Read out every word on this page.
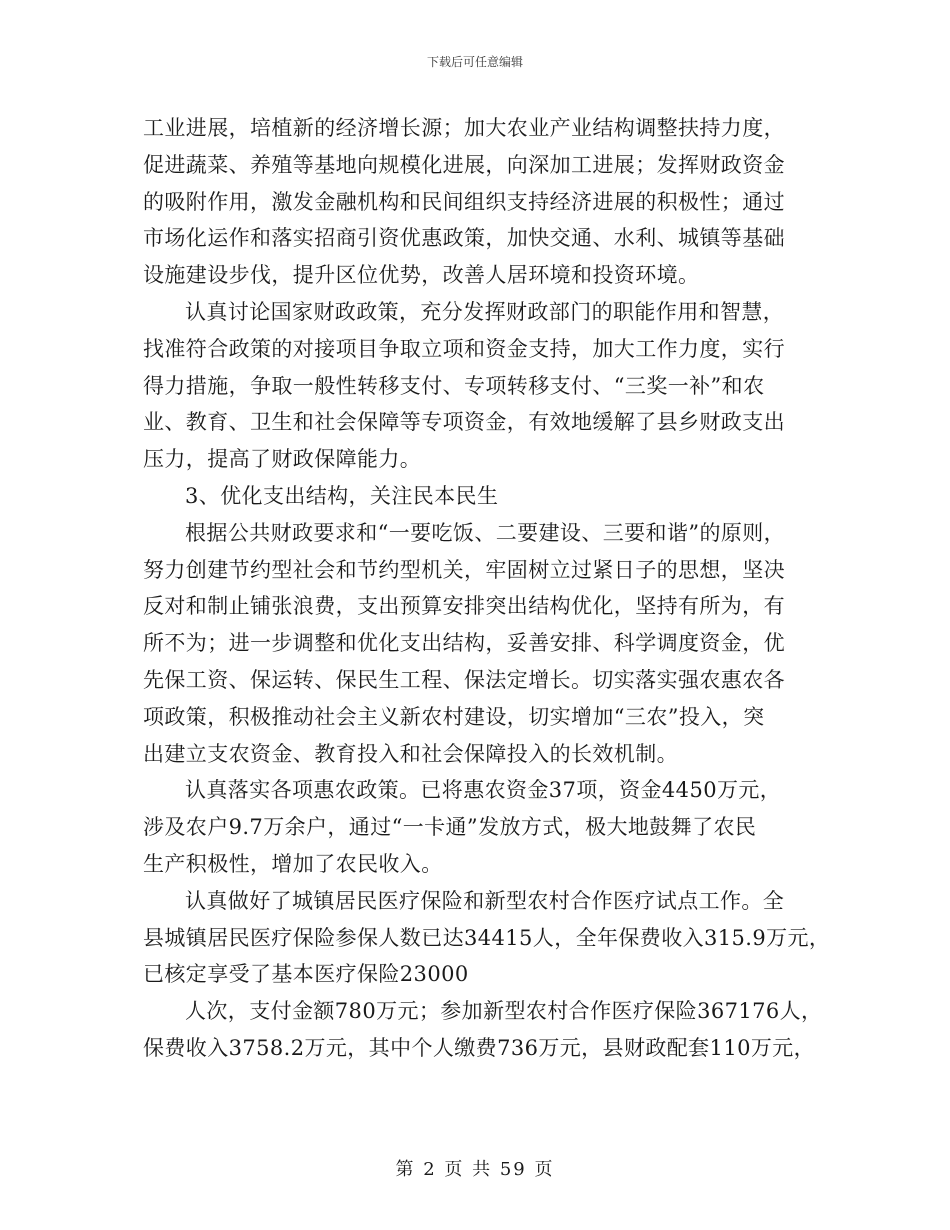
下载后可任意编辑
工业进展，培植新的经济增长源；加大农业产业结构调整扶持力度，
促进蔬菜、养殖等基地向规模化进展，向深加工进展；发挥财政资金
的吸附作用，激发金融机构和民间组织支持经济进展的积极性；通过
市场化运作和落实招商引资优惠政策，加快交通、水利、城镇等基础
设施建设步伐，提升区位优势，改善人居环境和投资环境。
认真讨论国家财政政策，充分发挥财政部门的职能作用和智慧，
找准符合政策的对接项目争取立项和资金支持，加大工作力度，实行
得力措施，争取一般性转移支付、专项转移支付、“三奖一补”和农
业、教育、卫生和社会保障等专项资金，有效地缓解了县乡财政支出
压力，提高了财政保障能力。
3、优化支出结构，关注民本民生
根据公共财政要求和“一要吃饭、二要建设、三要和谐”的原则，
努力创建节约型社会和节约型机关，牢固树立过紧日子的思想，坚决
反对和制止铺张浪费，支出预算安排突出结构优化，坚持有所为，有
所不为；进一步调整和优化支出结构，妥善安排、科学调度资金，优
先保工资、保运转、保民生工程、保法定增长。切实落实强农惠农各
项政策，积极推动社会主义新农村建设，切实增加“三农”投入，突
出建立支农资金、教育投入和社会保障投入的长效机制。
认真落实各项惠农政策。已将惠农资金37项，资金4450万元，
涉及农户9.7万余户，通过“一卡通”发放方式，极大地鼓舞了农民
生产积极性，增加了农民收入。
认真做好了城镇居民医疗保险和新型农村合作医疗试点工作。全
县城镇居民医疗保险参保人数已达34415人，全年保费收入315.9万元，
已核定享受了基本医疗保险23000
人次，支付金额780万元；参加新型农村合作医疗保险367176人，
保费收入3758.2万元，其中个人缴费736万元，县财政配套110万元，
第 2 页 共 59 页
